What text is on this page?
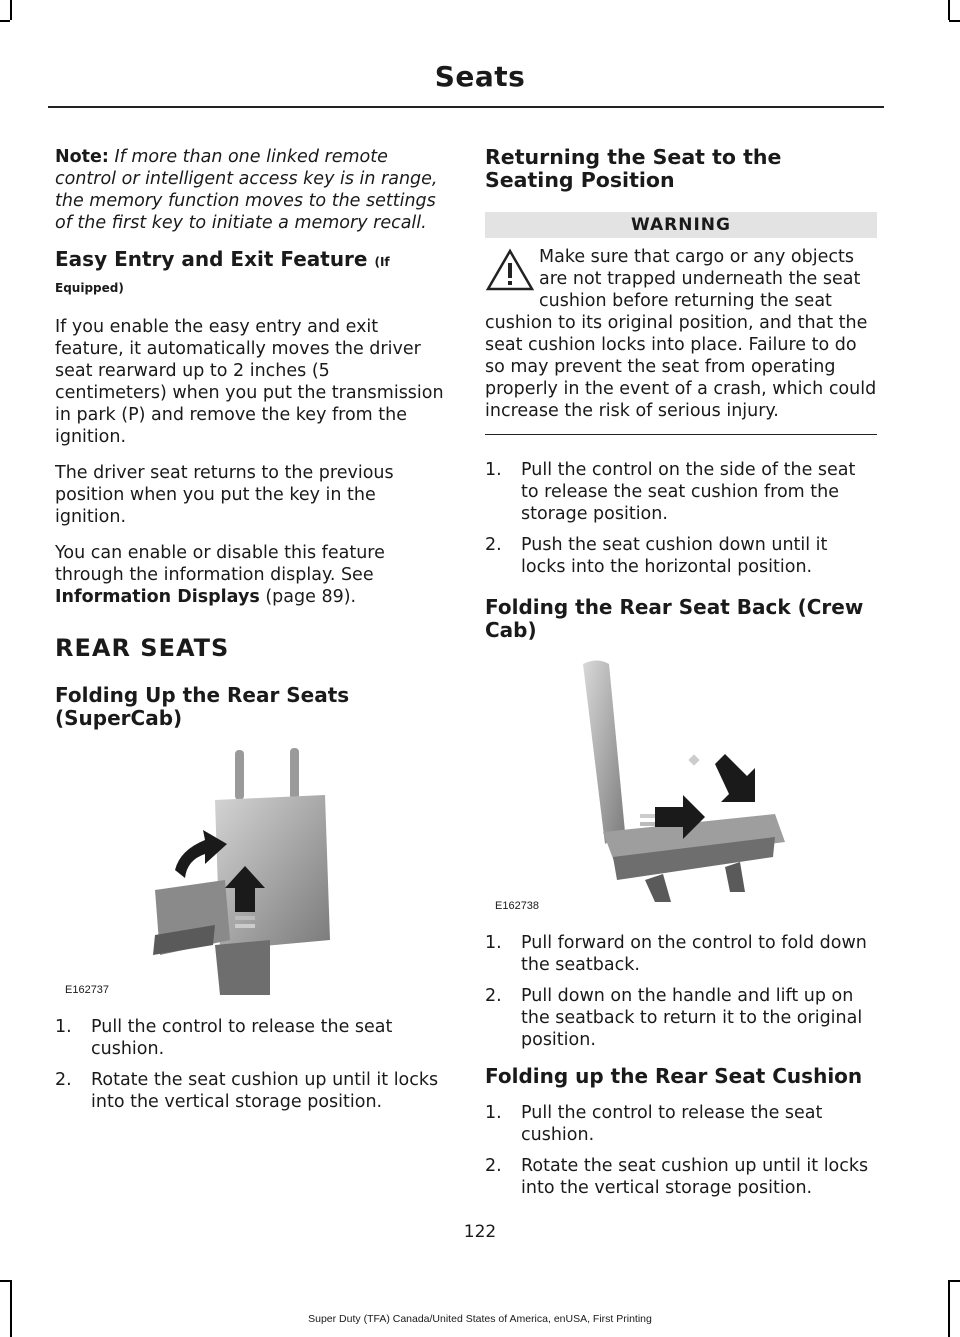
Seats

Note: If more than one linked remote control or intelligent access key is in range, the memory function moves to the settings of the first key to initiate a memory recall.

Easy Entry and Exit Feature (If Equipped)

If you enable the easy entry and exit feature, it automatically moves the driver seat rearward up to 2 inches (5 centimeters) when you put the transmission in park (P) and remove the key from the ignition.

The driver seat returns to the previous position when you put the key in the ignition.

You can enable or disable this feature through the information display. See Information Displays (page 89).

REAR SEATS
Folding Up the Rear Seats (SuperCab)
E162737
1. Pull the control to release the seat cushion.
2. Rotate the seat cushion up until it locks into the vertical storage position.
Returning the Seat to the Seating Position
WARNING
Make sure that cargo or any objects are not trapped underneath the seat cushion before returning the seat cushion to its original position, and that the seat cushion locks into place. Failure to do so may prevent the seat from operating properly in the event of a crash, which could increase the risk of serious injury.
1. Pull the control on the side of the seat to release the seat cushion from the storage position.
2. Push the seat cushion down until it locks into the horizontal position.
Folding the Rear Seat Back (Crew Cab)
E162738
1. Pull forward on the control to fold down the seatback.
2. Pull down on the handle and lift up on the seatback to return it to the original position.
Folding up the Rear Seat Cushion
1. Pull the control to release the seat cushion.
2. Rotate the seat cushion up until it locks into the vertical storage position.
122
Super Duty (TFA) Canada/United States of America, enUSA, First Printing
